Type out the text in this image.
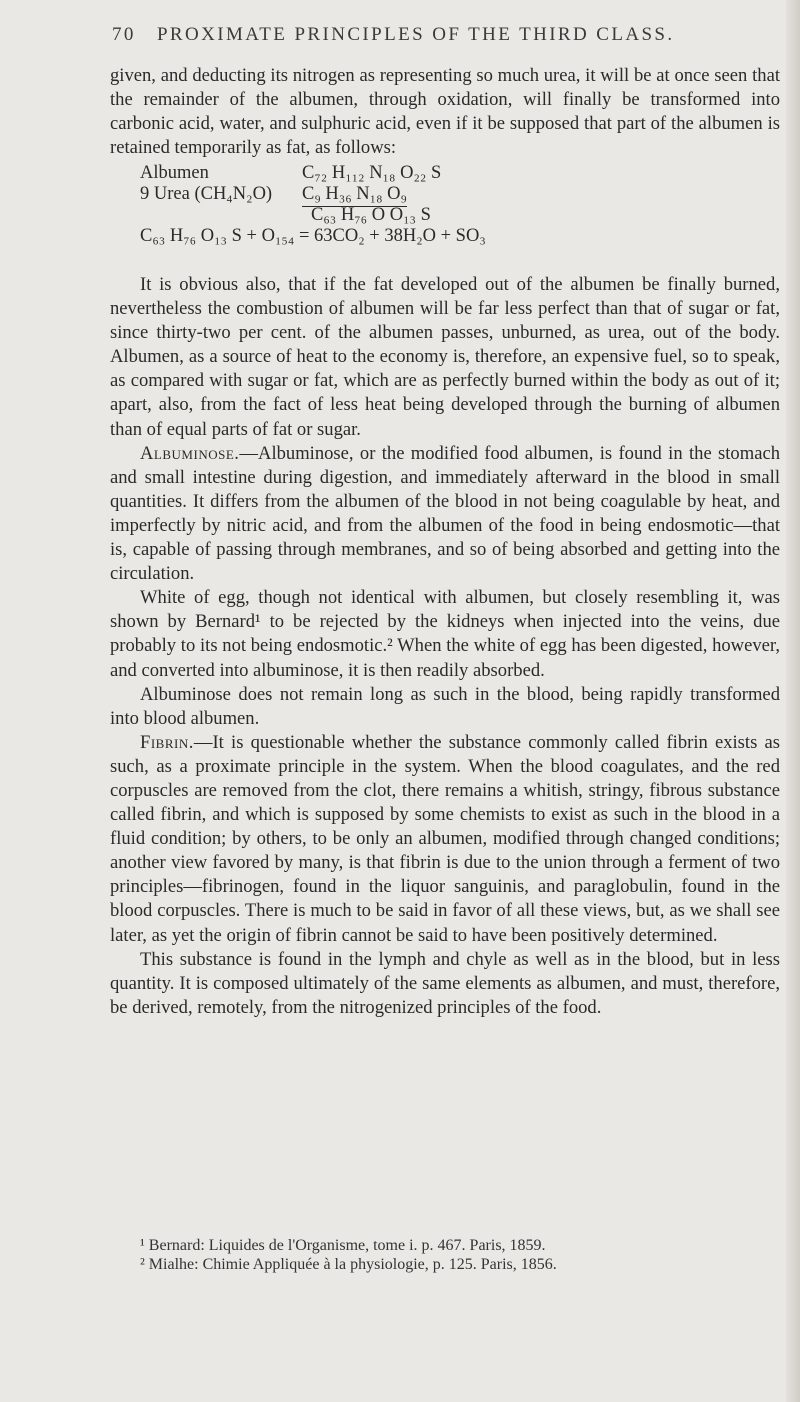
70 PROXIMATE PRINCIPLES OF THE THIRD CLASS.

given, and deducting its nitrogen as representing so much urea, it will be at once seen that the remainder of the albumen, through oxidation, will finally be transformed into carbonic acid, water, and sulphuric acid, even if it be supposed that part of the albumen is retained temporarily as fat, as follows:

Albumen	C₇₂ H₁₁₂ N₁₈ O₂₂ S
9 Urea (CH₄N₂O) C₉ H₃₆ N₁₈ O₉
C₆₃ H₇₆ O O₁₃ S
C₆₃ H₇₆ O₁₃ S + O₁₅₄ = 63CO₂ + 38H₂O + SO₃

It is obvious also, that if the fat developed out of the albumen be finally burned, nevertheless the combustion of albumen will be far less perfect than that of sugar or fat, since thirty-two per cent. of the albumen passes, unburned, as urea, out of the body. Albumen, as a source of heat to the economy is, therefore, an expensive fuel, so to speak, as compared with sugar or fat, which are as perfectly burned within the body as out of it; apart, also, from the fact of less heat being developed through the burning of albumen than of equal parts of fat or sugar.

Albuminose.—Albuminose, or the modified food albumen, is found in the stomach and small intestine during digestion, and immediately afterward in the blood in small quantities. It differs from the albumen of the blood in not being coagulable by heat, and imperfectly by nitric acid, and from the albumen of the food in being endosmotic—that is, capable of passing through membranes, and so of being absorbed and getting into the circulation.

White of egg, though not identical with albumen, but closely resembling it, was shown by Bernard¹ to be rejected by the kidneys when injected into the veins, due probably to its not being endosmotic.² When the white of egg has been digested, however, and converted into albuminose, it is then readily absorbed.

Albuminose does not remain long as such in the blood, being rapidly transformed into blood albumen.

Fibrin.—It is questionable whether the substance commonly called fibrin exists as such, as a proximate principle in the system. When the blood coagulates, and the red corpuscles are removed from the clot, there remains a whitish, stringy, fibrous substance called fibrin, and which is supposed by some chemists to exist as such in the blood in a fluid condition; by others, to be only an albumen, modified through changed conditions; another view favored by many, is that fibrin is due to the union through a ferment of two principles—fibrinogen, found in the liquor sanguinis, and paraglobulin, found in the blood corpuscles. There is much to be said in favor of all these views, but, as we shall see later, as yet the origin of fibrin cannot be said to have been positively determined.

This substance is found in the lymph and chyle as well as in the blood, but in less quantity. It is composed ultimately of the same elements as albumen, and must, therefore, be derived, remotely, from the nitrogenized principles of the food.

¹ Bernard: Liquides de l'Organisme, tome i. p. 467. Paris, 1859.
² Mialhe: Chimie Appliquée à la physiologie, p. 125. Paris, 1856.
